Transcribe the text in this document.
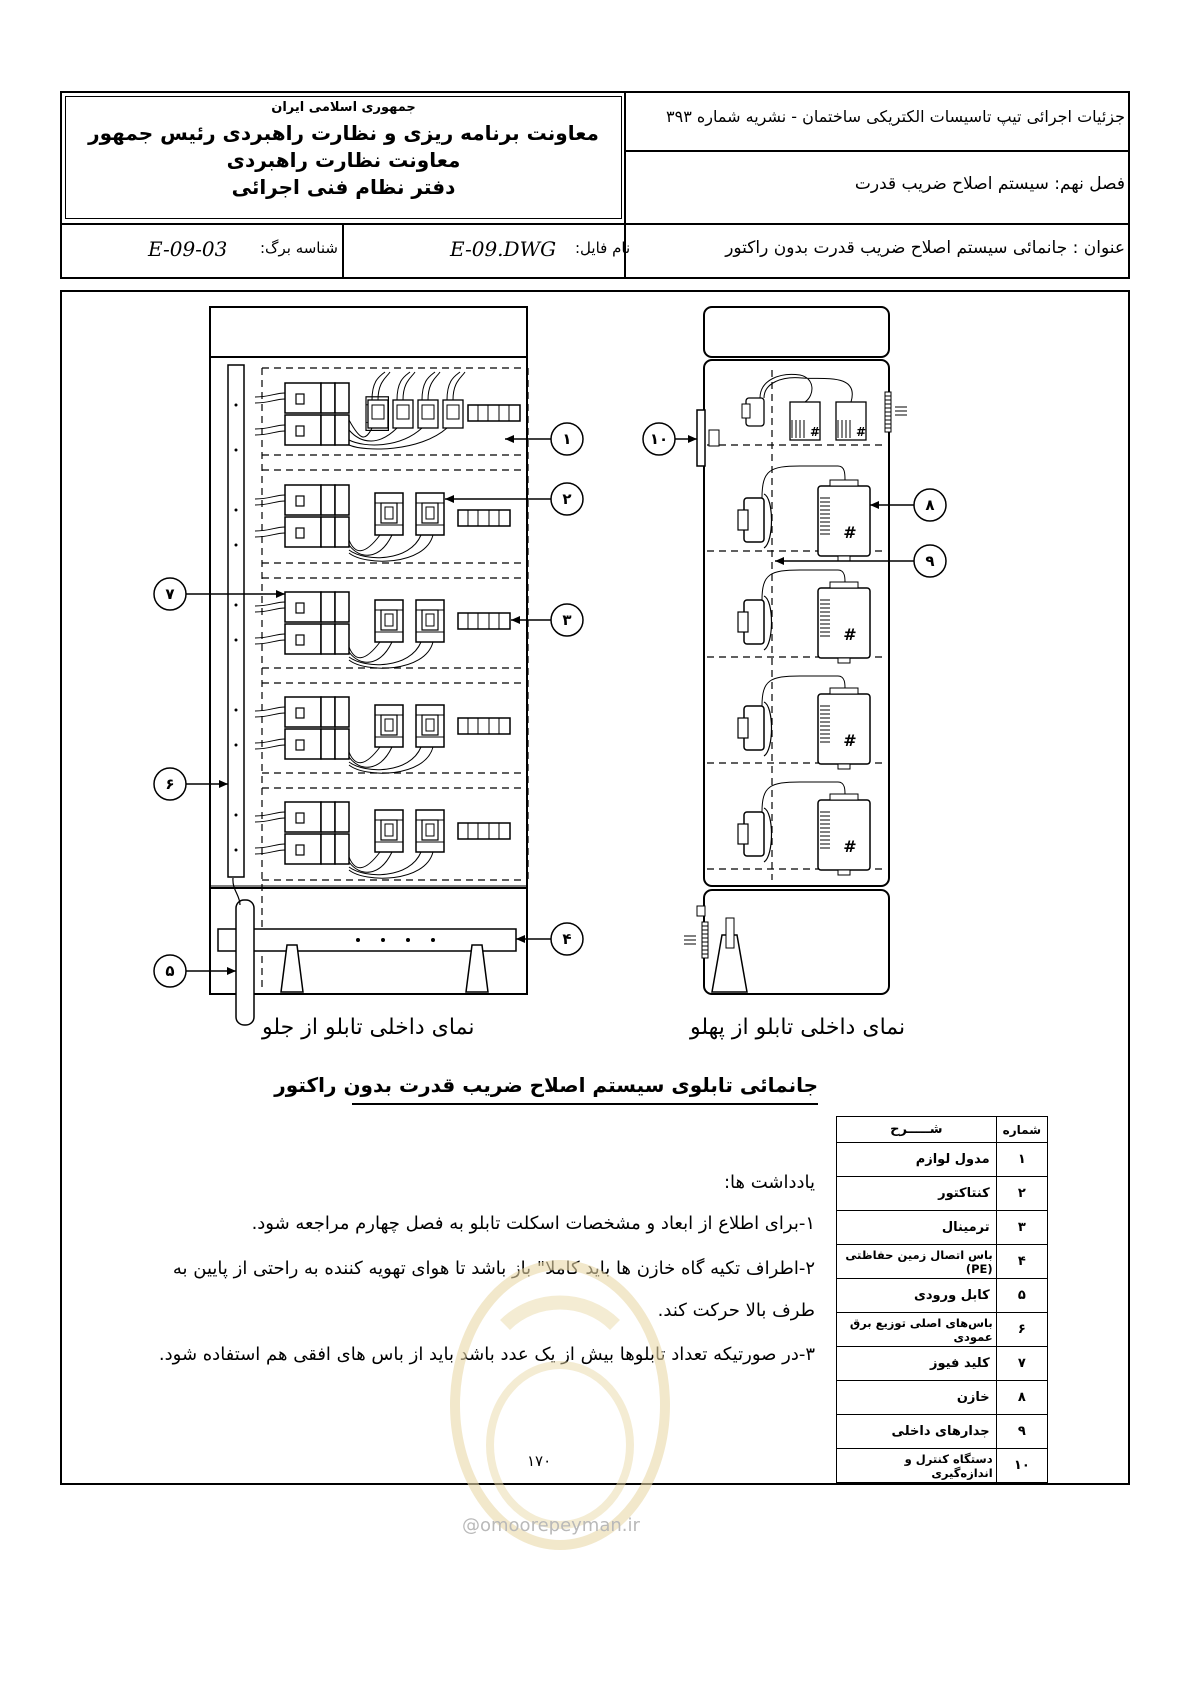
جمهوری اسلامی ایران
معاونت برنامه ریزی و نظارت راهبردی رئیس جمهور
معاونت نظارت راهبردی
دفتر نظام فنی اجرائی
جزئیات اجرائی تیپ تاسیسات الکتریکی ساختمان - نشریه شماره ۳۹۳
فصل نهم: سیستم اصلاح ضریب قدرت
عنوان : جانمائی سیستم اصلاح ضریب قدرت بدون راکتور
نام فایل:
E-09.DWG
شناسه برگ:
E-09-03
#
#	#
۱
۲
۳
۴
۵
۶
۷
۸
۹
۱۰
نمای داخلی تابلو از جلو	نمای داخلی تابلو از پهلو
جانمائی تابلوی سیستم اصلاح ضریب قدرت بدون راکتور
یادداشت ها:
۱-برای اطلاع از ابعاد و مشخصات اسکلت تابلو به فصل چهارم مراجعه شود.
۲-اطراف تکیه گاه خازن ها باید کاملا" باز باشد تا هوای تهویه کننده به راحتی از پایین به
طرف بالا حرکت کند.
۳-در صورتیکه تعداد تابلوها بیش از یک عدد باشد باید از باس های افقی هم استفاده شود.
شماره	شـــــرح
۱	مدول لوازم
۲	کنتاکتور
۳	ترمینال
۴	باس اتصال زمین حفاظتی (PE)
۵	کابل ورودی
۶	باس‌های اصلی توزیع برق عمودی
۷	کلید فیوز
۸	خازن
۹	جدار‌های داخلی
۱۰	دستگاه کنترل و اندازه‌گیری
۱۷۰
@omoorepeyman.ir
